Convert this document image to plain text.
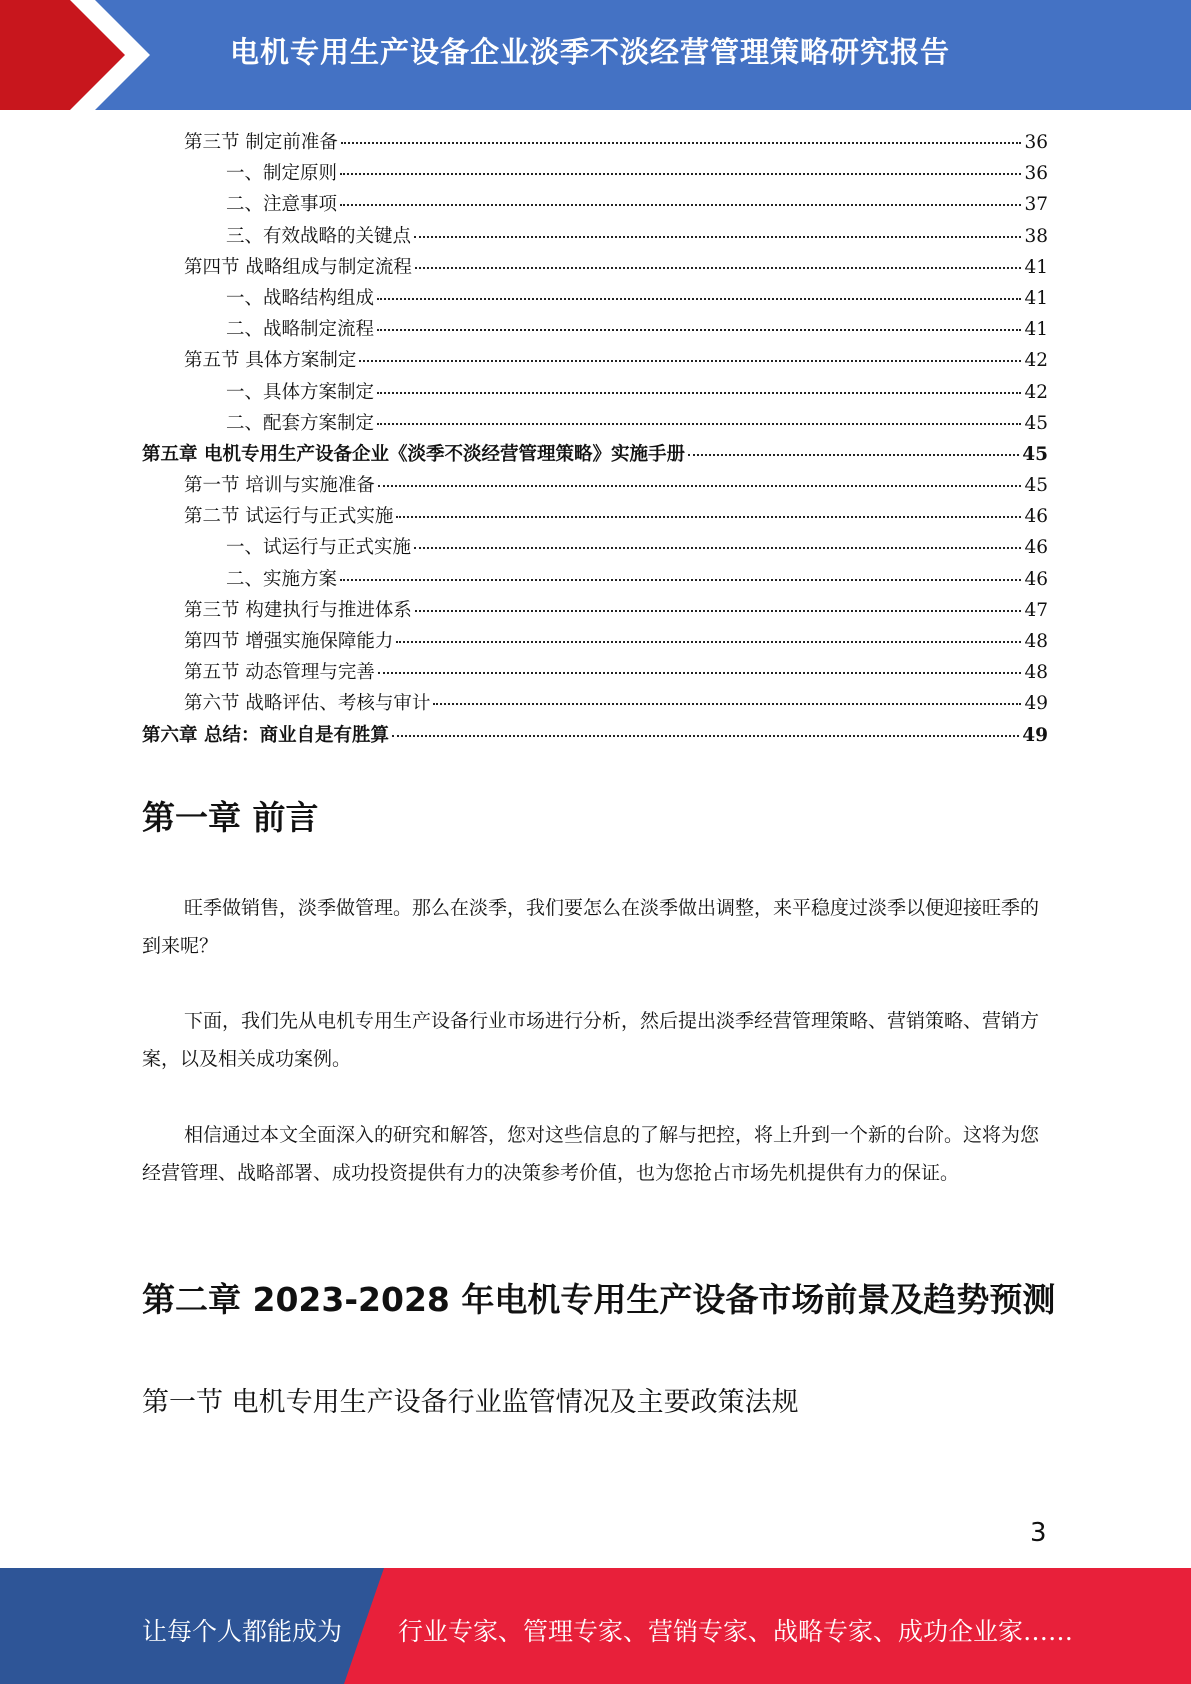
电机专用生产设备企业淡季不淡经营管理策略研究报告
第三节 制定前准备	36
一、制定原则	36
二、注意事项	37
三、有效战略的关键点	38
第四节 战略组成与制定流程	41
一、战略结构组成	41
二、战略制定流程	41
第五节 具体方案制定	42
一、具体方案制定	42
二、配套方案制定	45
第五章 电机专用生产设备企业《淡季不淡经营管理策略》实施手册	45
第一节 培训与实施准备	45
第二节 试运行与正式实施	46
一、试运行与正式实施	46
二、实施方案	46
第三节 构建执行与推进体系	47
第四节 增强实施保障能力	48
第五节 动态管理与完善	48
第六节 战略评估、考核与审计	49
第六章 总结：商业自是有胜算	49
第一章 前言

旺季做销售，淡季做管理。那么在淡季，我们要怎么在淡季做出调整，来平稳度过淡季以便迎接旺季的到来呢？

下面，我们先从电机专用生产设备行业市场进行分析，然后提出淡季经营管理策略、营销策略、营销方案，以及相关成功案例。

相信通过本文全面深入的研究和解答，您对这些信息的了解与把控，将上升到一个新的台阶。这将为您经营管理、战略部署、成功投资提供有力的决策参考价值，也为您抢占市场先机提供有力的保证。

第二章 2023-2028 年电机专用生产设备市场前景及趋势预测
第一节 电机专用生产设备行业监管情况及主要政策法规
3
让每个人都能成为 行业专家、管理专家、营销专家、战略专家、成功企业家……
